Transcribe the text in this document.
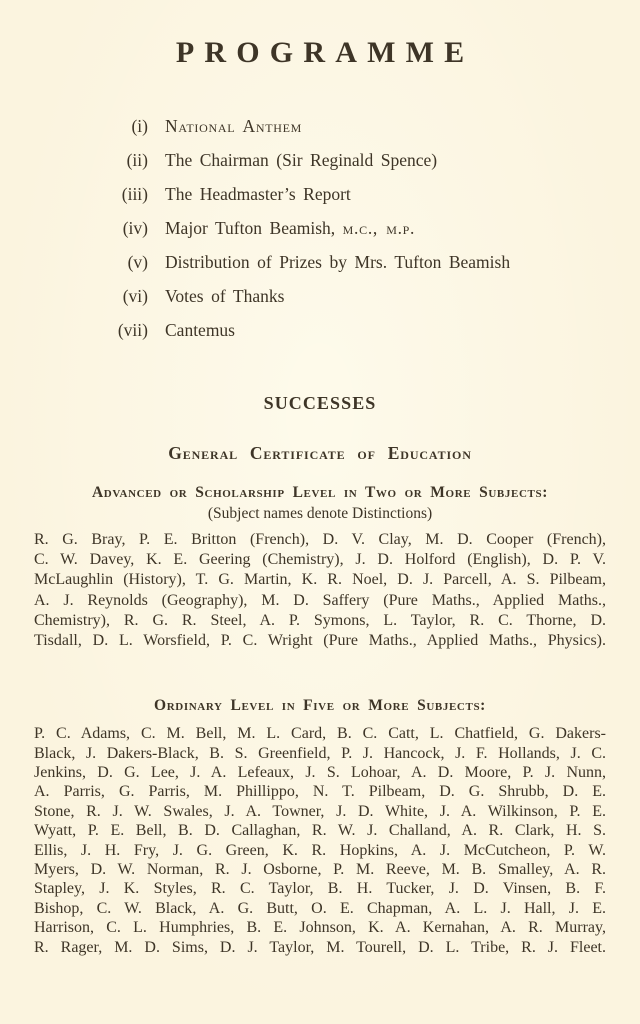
PROGRAMME
(i) National Anthem
(ii) The Chairman (Sir Reginald Spence)
(iii) The Headmaster’s Report
(iv) Major Tufton Beamish, m.c., m.p.
(v) Distribution of Prizes by Mrs. Tufton Beamish
(vi) Votes of Thanks
(vii) Cantemus
SUCCESSES
General Certificate of Education
Advanced or Scholarship Level in Two or More Subjects:
(Subject names denote Distinctions)
R. G. Bray, P. E. Britton (French), D. V. Clay, M. D. Cooper (French),
C. W. Davey, K. E. Geering (Chemistry), J. D. Holford (English), D. P. V.
McLaughlin (History), T. G. Martin, K. R. Noel, D. J. Parcell, A. S. Pilbeam,
A. J. Reynolds (Geography), M. D. Saffery (Pure Maths., Applied Maths.,
Chemistry), R. G. R. Steel, A. P. Symons, L. Taylor, R. C. Thorne, D.
Tisdall, D. L. Worsfield, P. C. Wright (Pure Maths., Applied Maths., Physics).
Ordinary Level in Five or More Subjects:
P. C. Adams, C. M. Bell, M. L. Card, B. C. Catt, L. Chatfield, G. Dakers-
Black, J. Dakers-Black, B. S. Greenfield, P. J. Hancock, J. F. Hollands, J. C.
Jenkins, D. G. Lee, J. A. Lefeaux, J. S. Lohoar, A. D. Moore, P. J. Nunn,
A. Parris, G. Parris, M. Phillippo, N. T. Pilbeam, D. G. Shrubb, D. E.
Stone, R. J. W. Swales, J. A. Towner, J. D. White, J. A. Wilkinson, P. E.
Wyatt, P. E. Bell, B. D. Callaghan, R. W. J. Challand, A. R. Clark, H. S.
Ellis, J. H. Fry, J. G. Green, K. R. Hopkins, A. J. McCutcheon, P. W.
Myers, D. W. Norman, R. J. Osborne, P. M. Reeve, M. B. Smalley, A. R.
Stapley, J. K. Styles, R. C. Taylor, B. H. Tucker, J. D. Vinsen, B. F.
Bishop, C. W. Black, A. G. Butt, O. E. Chapman, A. L. J. Hall, J. E.
Harrison, C. L. Humphries, B. E. Johnson, K. A. Kernahan, A. R. Murray,
R. Rager, M. D. Sims, D. J. Taylor, M. Tourell, D. L. Tribe, R. J. Fleet.
